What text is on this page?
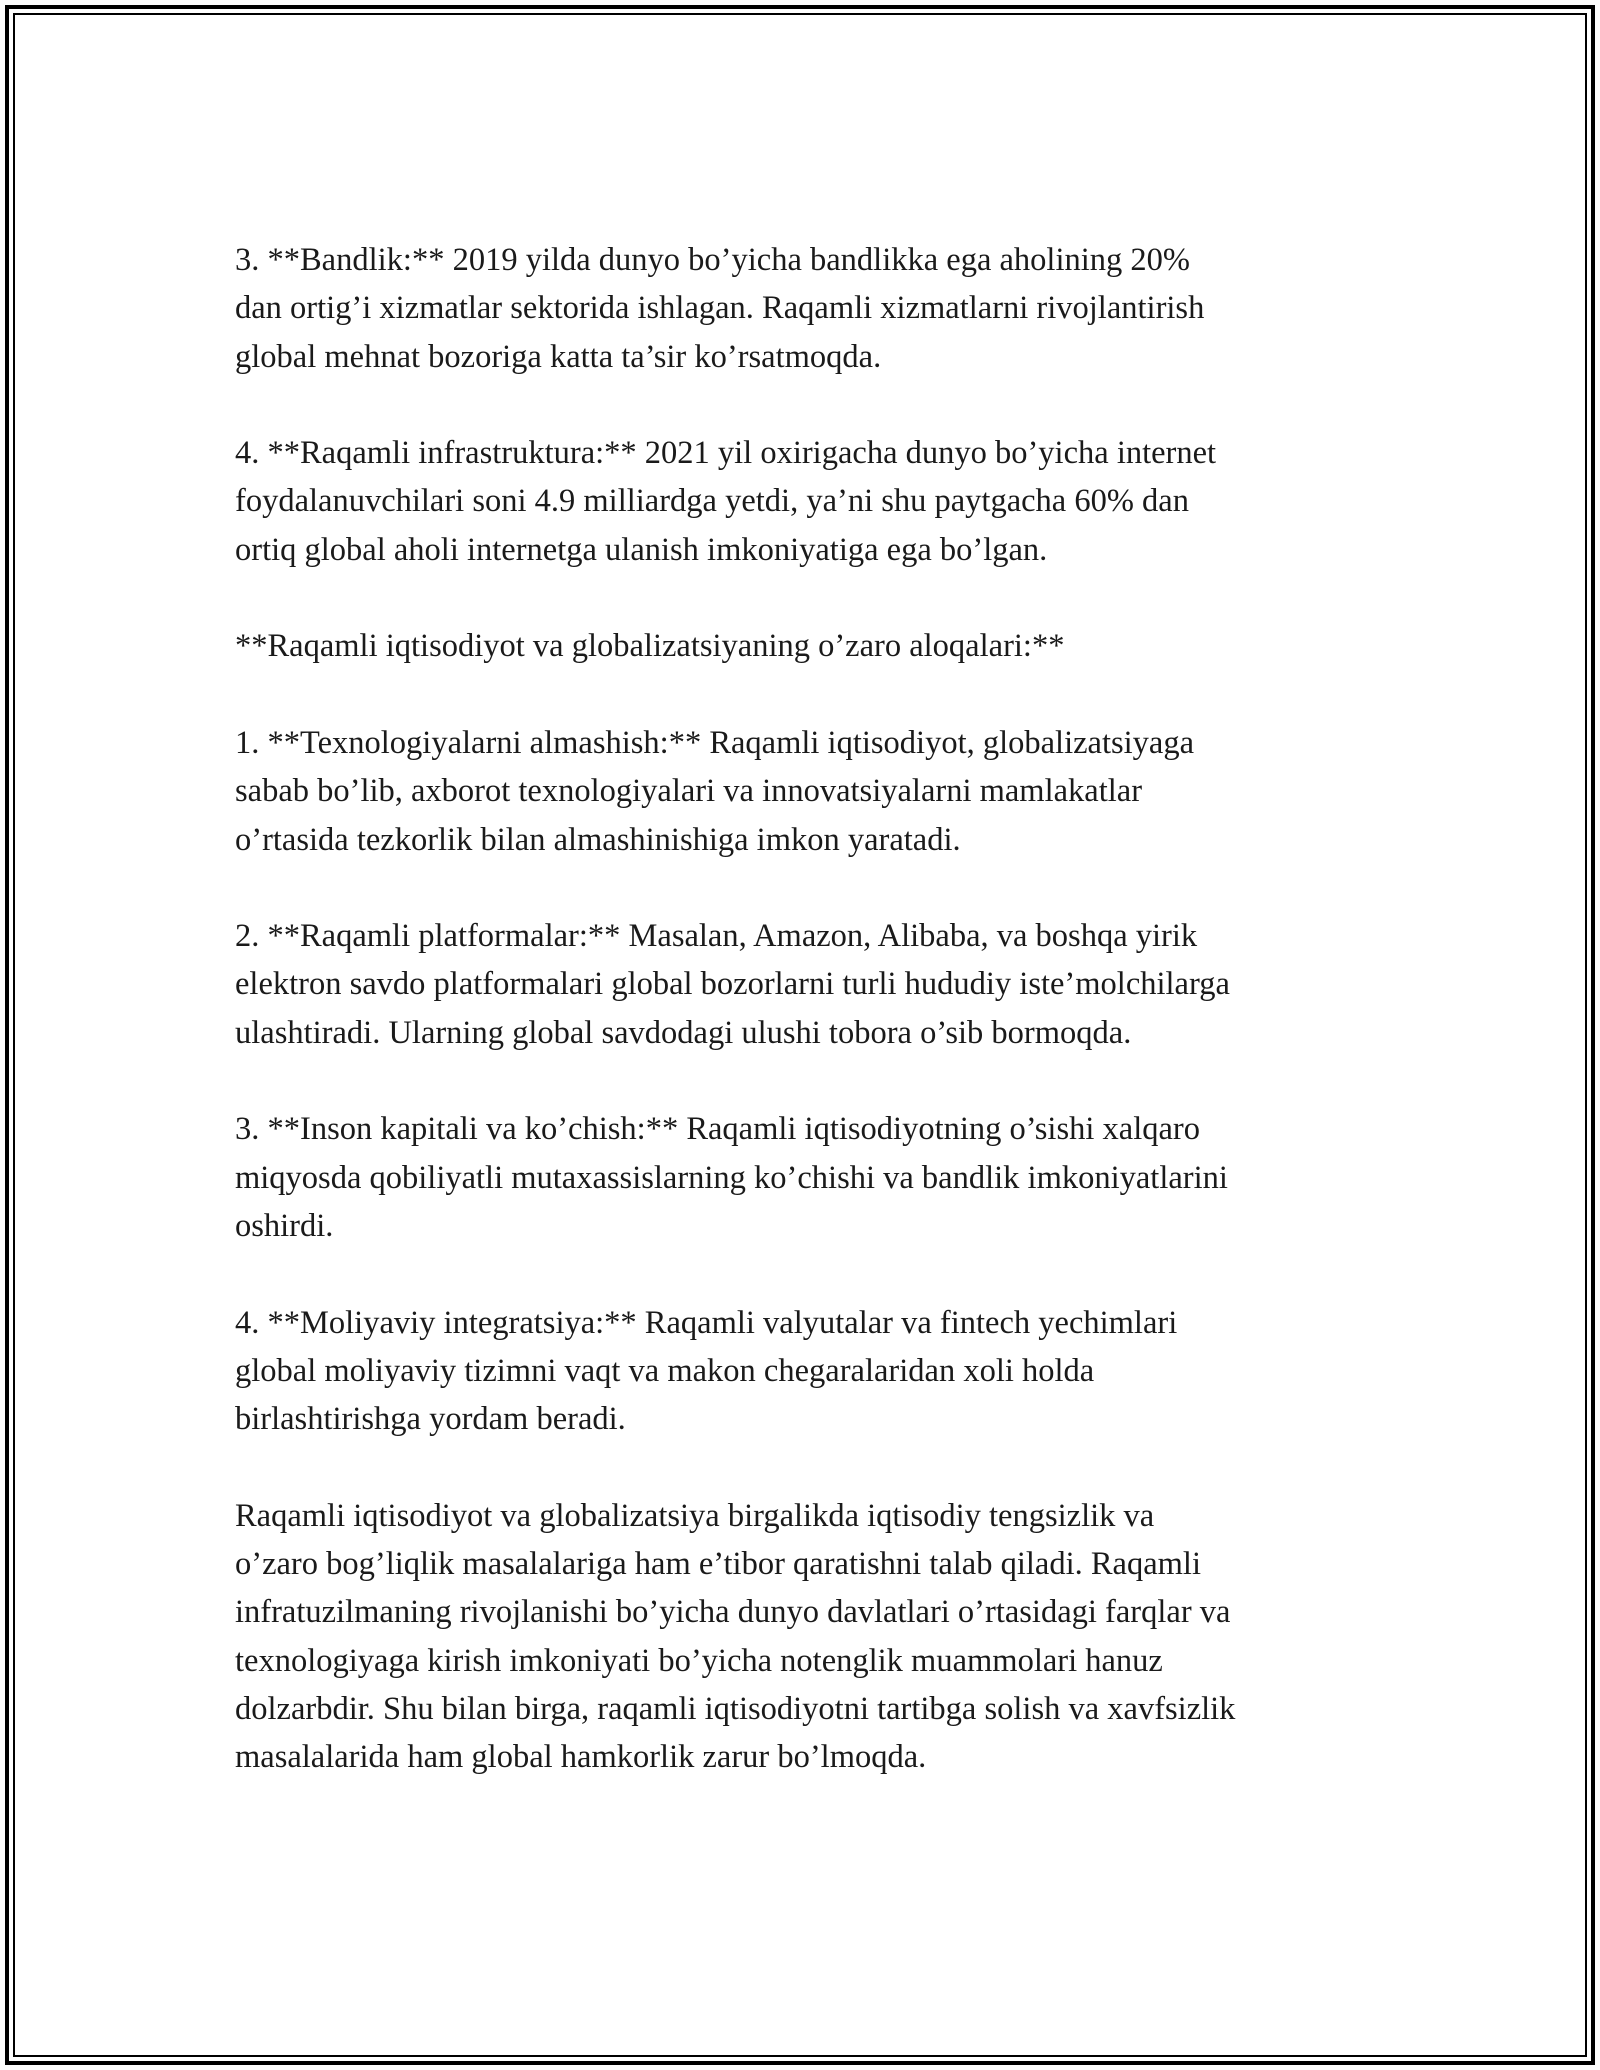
3. **Bandlik:** 2019 yilda dunyo bo’yicha bandlikka ega aholining 20%
dan ortig’i xizmatlar sektorida ishlagan. Raqamli xizmatlarni rivojlantirish
global mehnat bozoriga katta ta’sir ko’rsatmoqda.

4. **Raqamli infrastruktura:** 2021 yil oxirigacha dunyo bo’yicha internet
foydalanuvchilari soni 4.9 milliardga yetdi, ya’ni shu paytgacha 60% dan
ortiq global aholi internetga ulanish imkoniyatiga ega bo’lgan.

**Raqamli iqtisodiyot va globalizatsiyaning o’zaro aloqalari:**

1. **Texnologiyalarni almashish:** Raqamli iqtisodiyot, globalizatsiyaga
sabab bo’lib, axborot texnologiyalari va innovatsiyalarni mamlakatlar
o’rtasida tezkorlik bilan almashinishiga imkon yaratadi.

2. **Raqamli platformalar:** Masalan, Amazon, Alibaba, va boshqa yirik
elektron savdo platformalari global bozorlarni turli hududiy iste’molchilarga
ulashtiradi. Ularning global savdodagi ulushi tobora o’sib bormoqda.

3. **Inson kapitali va ko’chish:** Raqamli iqtisodiyotning o’sishi xalqaro
miqyosda qobiliyatli mutaxassislarning ko’chishi va bandlik imkoniyatlarini
oshirdi.

4. **Moliyaviy integratsiya:** Raqamli valyutalar va fintech yechimlari
global moliyaviy tizimni vaqt va makon chegaralaridan xoli holda
birlashtirishga yordam beradi.

Raqamli iqtisodiyot va globalizatsiya birgalikda iqtisodiy tengsizlik va
o’zaro bog’liqlik masalalariga ham e’tibor qaratishni talab qiladi. Raqamli
infratuzilmaning rivojlanishi bo’yicha dunyo davlatlari o’rtasidagi farqlar va
texnologiyaga kirish imkoniyati bo’yicha notenglik muammolari hanuz
dolzarbdir. Shu bilan birga, raqamli iqtisodiyotni tartibga solish va xavfsizlik
masalalarida ham global hamkorlik zarur bo’lmoqda.
